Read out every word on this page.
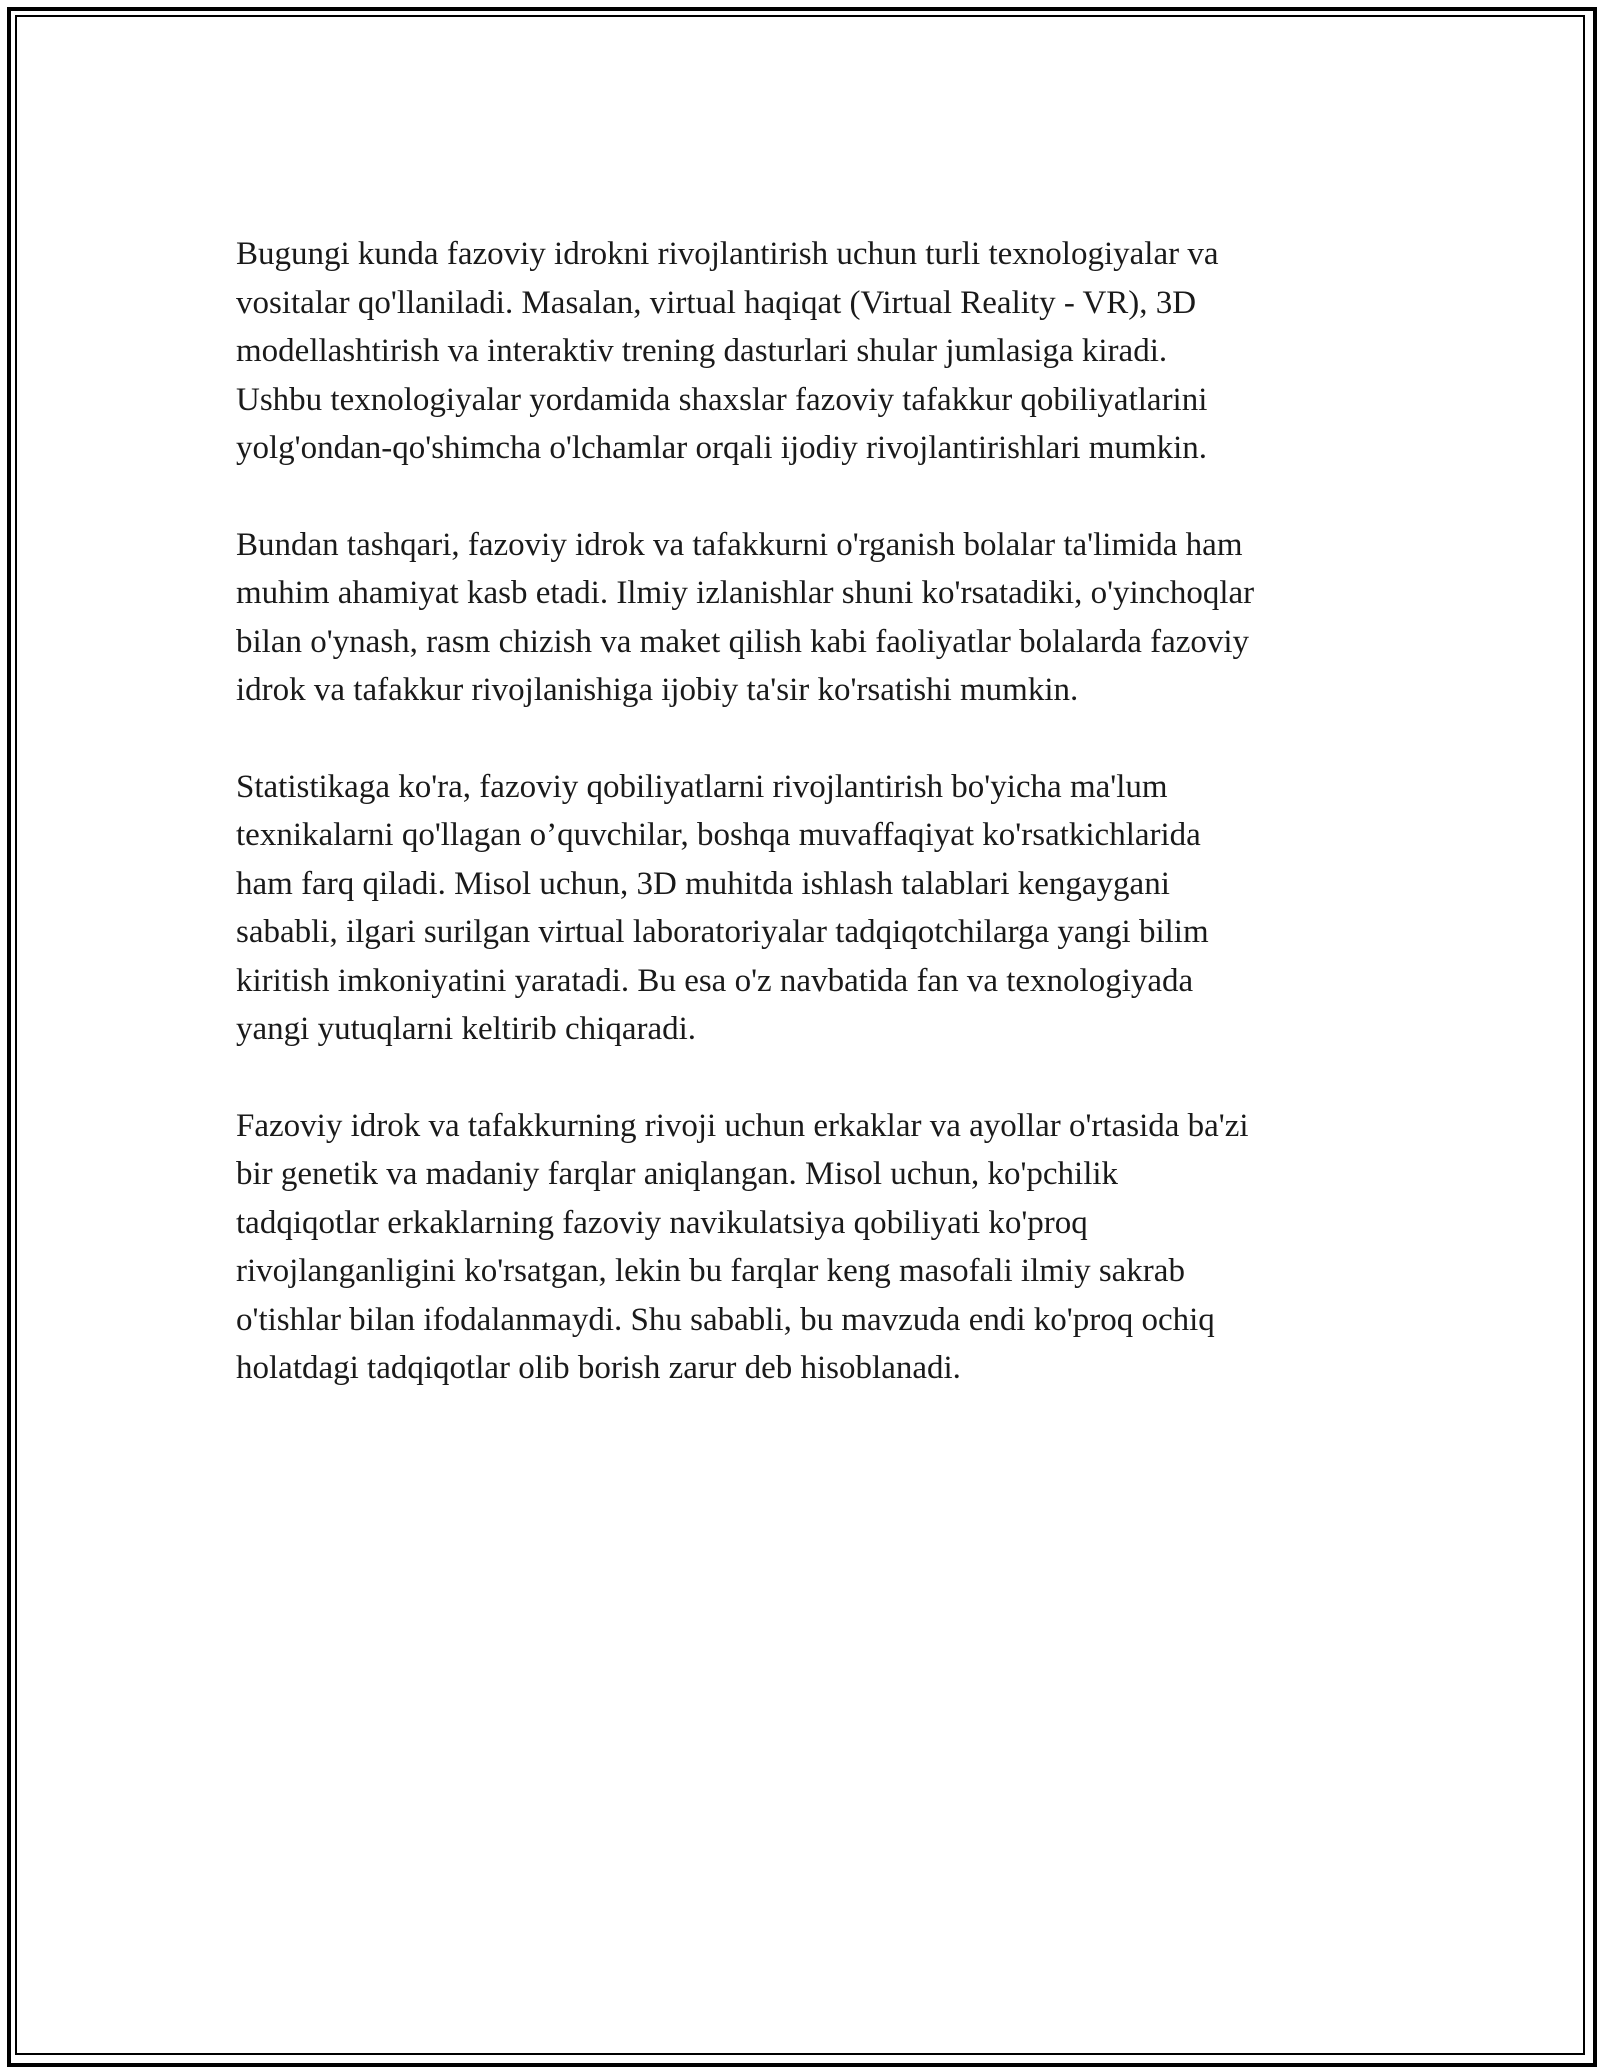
Bugungi kunda fazoviy idrokni rivojlantirish uchun turli texnologiyalar va
vositalar qo'llaniladi. Masalan, virtual haqiqat (Virtual Reality - VR), 3D
modellashtirish va interaktiv trening dasturlari shular jumlasiga kiradi.
Ushbu texnologiyalar yordamida shaxslar fazoviy tafakkur qobiliyatlarini
yolg'ondan-qo'shimcha o'lchamlar orqali ijodiy rivojlantirishlari mumkin.

Bundan tashqari, fazoviy idrok va tafakkurni o'rganish bolalar ta'limida ham
muhim ahamiyat kasb etadi. Ilmiy izlanishlar shuni ko'rsatadiki, o'yinchoqlar
bilan o'ynash, rasm chizish va maket qilish kabi faoliyatlar bolalarda fazoviy
idrok va tafakkur rivojlanishiga ijobiy ta'sir ko'rsatishi mumkin.

Statistikaga ko'ra, fazoviy qobiliyatlarni rivojlantirish bo'yicha ma'lum
texnikalarni qo'llagan o’quvchilar, boshqa muvaffaqiyat ko'rsatkichlarida
ham farq qiladi. Misol uchun, 3D muhitda ishlash talablari kengaygani
sababli, ilgari surilgan virtual laboratoriyalar tadqiqotchilarga yangi bilim
kiritish imkoniyatini yaratadi. Bu esa o'z navbatida fan va texnologiyada
yangi yutuqlarni keltirib chiqaradi.

Fazoviy idrok va tafakkurning rivoji uchun erkaklar va ayollar o'rtasida ba'zi
bir genetik va madaniy farqlar aniqlangan. Misol uchun, ko'pchilik
tadqiqotlar erkaklarning fazoviy navikulatsiya qobiliyati ko'proq
rivojlanganligini ko'rsatgan, lekin bu farqlar keng masofali ilmiy sakrab
o'tishlar bilan ifodalanmaydi. Shu sababli, bu mavzuda endi ko'proq ochiq
holatdagi tadqiqotlar olib borish zarur deb hisoblanadi.
